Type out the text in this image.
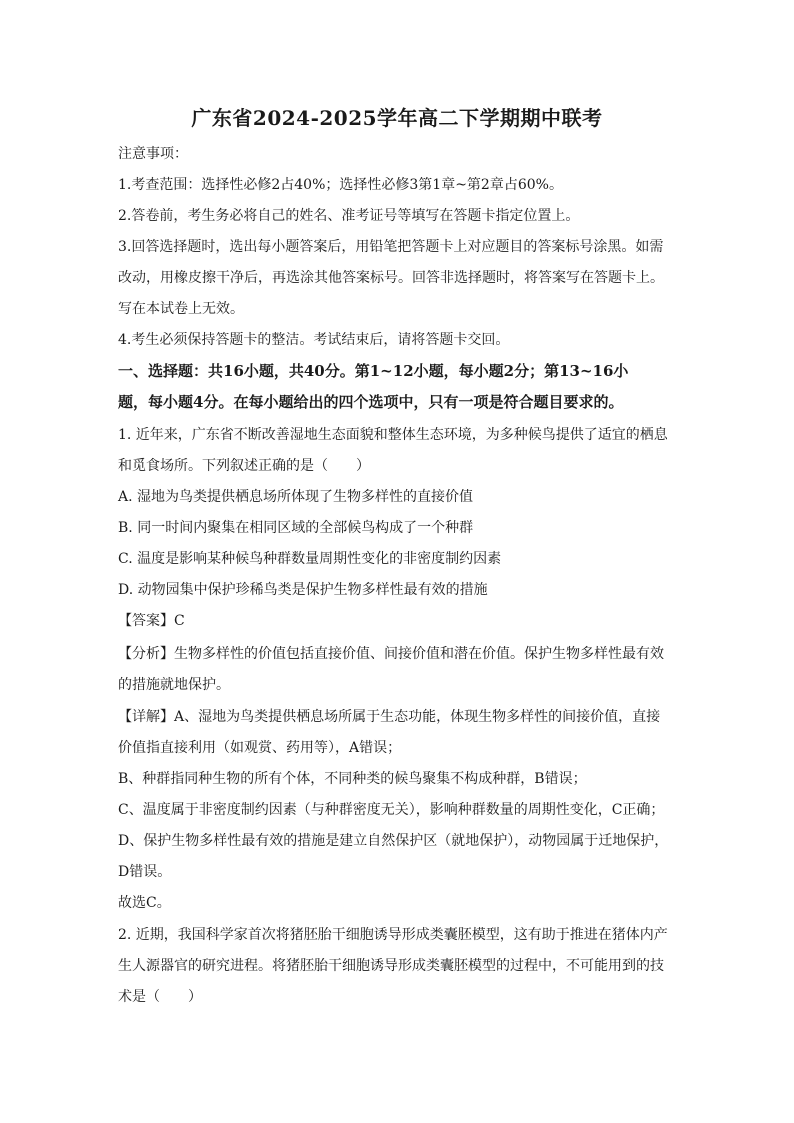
广东省2024-2025学年高二下学期期中联考
注意事项：
1.考查范围：选择性必修2占40%；选择性必修3第1章~第2章占60%。
2.答卷前，考生务必将自己的姓名、准考证号等填写在答题卡指定位置上。
3.回答选择题时，选出每小题答案后，用铅笔把答题卡上对应题目的答案标号涂黑。如需
改动，用橡皮擦干净后，再选涂其他答案标号。回答非选择题时，将答案写在答题卡上。
写在本试卷上无效。
4.考生必须保持答题卡的整洁。考试结束后，请将答题卡交回。
一、选择题：共16小题，共40分。第1~12小题，每小题2分；第13~16小
题，每小题4分。在每小题给出的四个选项中，只有一项是符合题目要求的。
1. 近年来，广东省不断改善湿地生态面貌和整体生态环境，为多种候鸟提供了适宜的栖息
和觅食场所。下列叙述正确的是（　　）
A. 湿地为鸟类提供栖息场所体现了生物多样性的直接价值
B. 同一时间内聚集在相同区域的全部候鸟构成了一个种群
C. 温度是影响某种候鸟种群数量周期性变化的非密度制约因素
D. 动物园集中保护珍稀鸟类是保护生物多样性最有效的措施
【答案】C
【分析】生物多样性的价值包括直接价值、间接价值和潜在价值。保护生物多样性最有效
的措施就地保护。
【详解】A、湿地为鸟类提供栖息场所属于生态功能，体现生物多样性的间接价值，直接
价值指直接利用（如观赏、药用等），A错误；
B、种群指同种生物的所有个体，不同种类的候鸟聚集不构成种群，B错误；
C、温度属于非密度制约因素（与种群密度无关），影响种群数量的周期性变化，C正确；
D、保护生物多样性最有效的措施是建立自然保护区（就地保护），动物园属于迁地保护，
D错误。
故选C。
2. 近期，我国科学家首次将猪胚胎干细胞诱导形成类囊胚模型，这有助于推进在猪体内产
生人源器官的研究进程。将猪胚胎干细胞诱导形成类囊胚模型的过程中，不可能用到的技
术是（　　）
